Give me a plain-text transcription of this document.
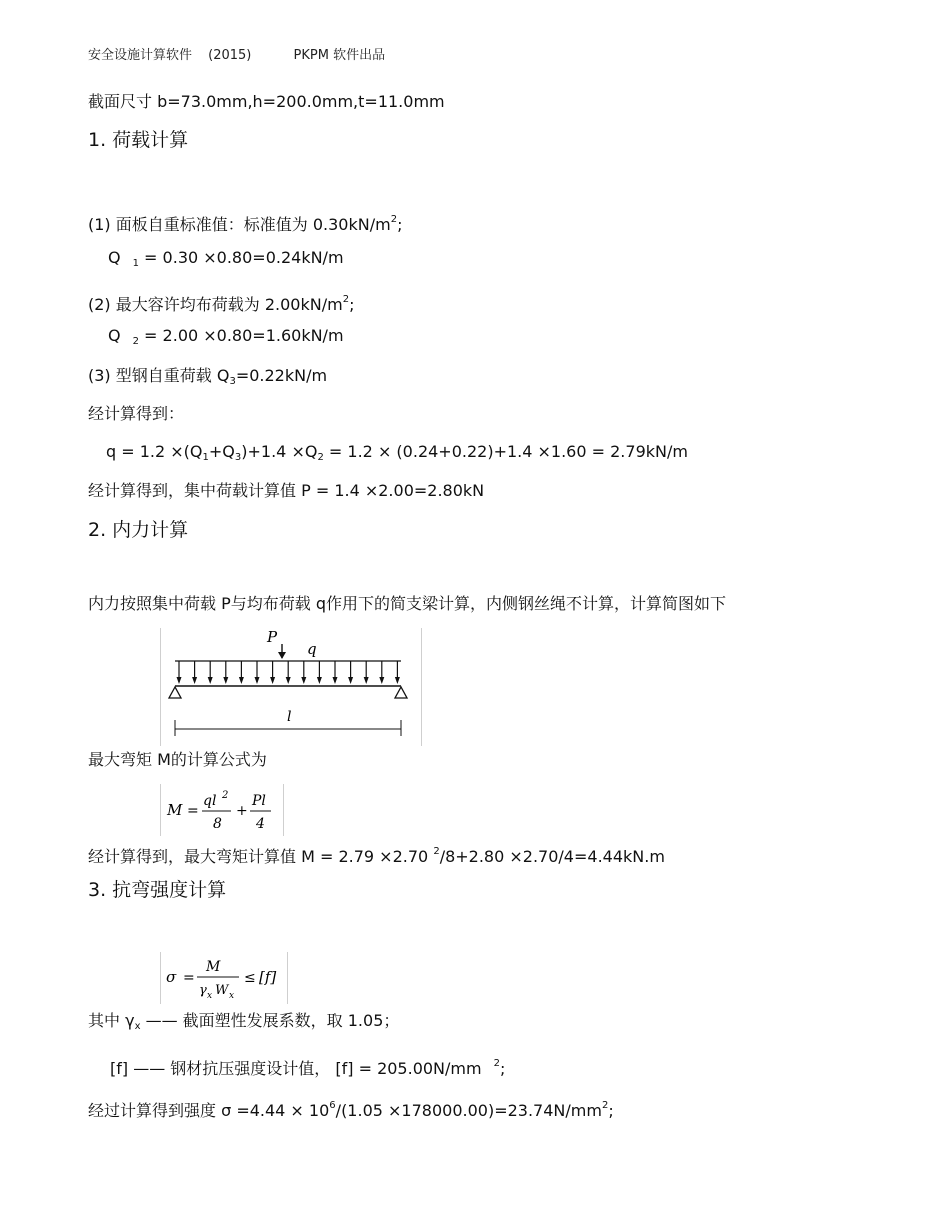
安全设施计算软件 (2015)	PKPM 软件出品
截面尺寸 b=73.0mm,h=200.0mm,t=11.0mm
1. 荷载计算
(1) 面板自重标准值：标准值为 $0.30kN/m^2$;
Q $_1$ = 0.30 ×0.80=0.24kN/m
(2) 最大容许均布荷载为 $2.00kN/m^2$;
Q $_2$ = 2.00 ×0.80=1.60kN/m
(3) 型钢自重荷载 $Q_3=0.22kN/m$
经计算得到：
$q = 1.2 \times(Q_1+Q_3)+1.4 \times Q_2 = 1.2 \times (0.24+0.22)+1.4 \times 1.60 = 2.79kN/m$
经计算得到，集中荷载计算值 P = 1.4 ×2.00=2.80kN
2. 内力计算
内力按照集中荷载 P与均布荷载 q作用下的简支梁计算，内侧钢丝绳不计算，计算简图如下
P
q
l
最大弯矩 M的计算公式为
M =
ql 2
8
+
Pl
4
经计算得到，最大弯矩计算值 M = 2.79 ×2.70 $^2$/8+2.80 ×2.70/4=4.44kN.m
3. 抗弯强度计算
σ =
M
γ x W x
≤ [f]
其中 $\gamma_x$ —— 截面塑性发展系数，取 1.05；
[f] —— 钢材抗压强度设计值， [f] = 205.00N/mm $^2$;
经过计算得到强度 $\sigma =4.44 \times 10^6/(1.05 \times 178000.00)=23.74N/mm^2$;
